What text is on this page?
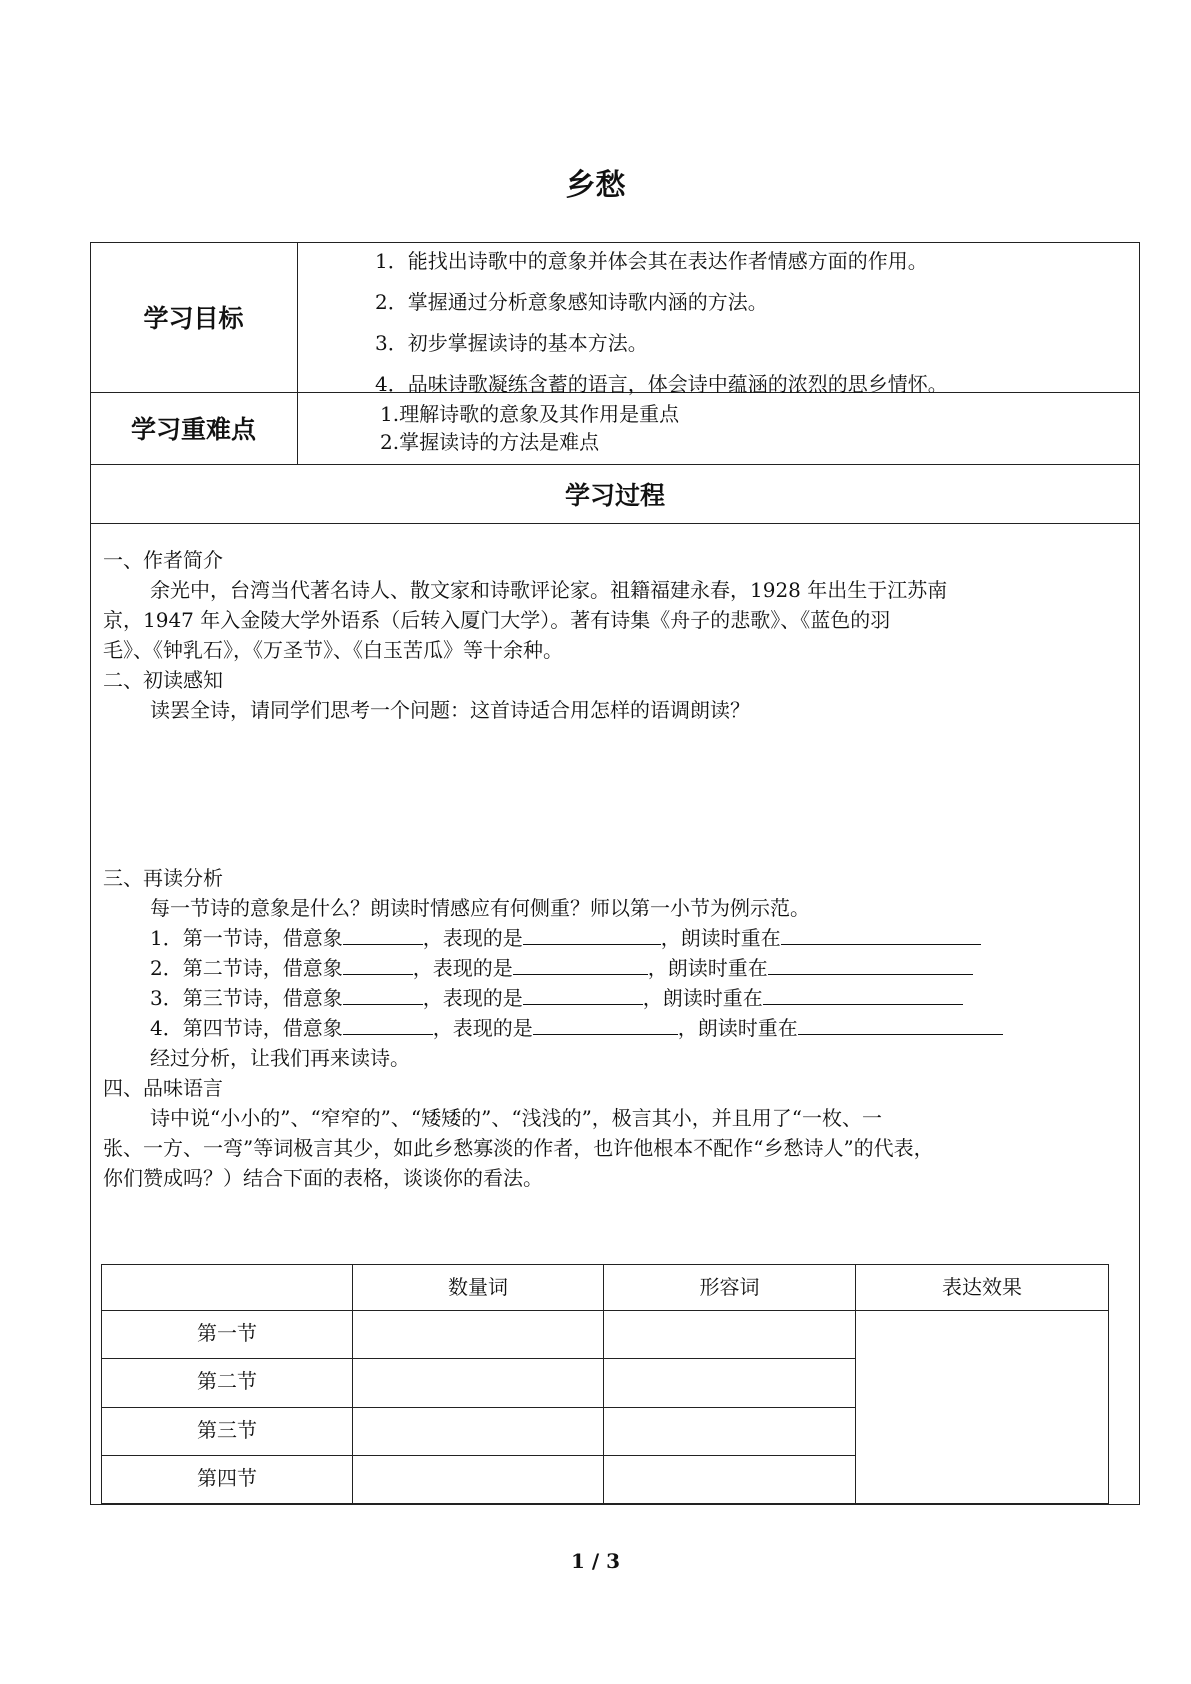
乡愁
学习目标
1．能找出诗歌中的意象并体会其在表达作者情感方面的作用。
2．掌握通过分析意象感知诗歌内涵的方法。
3．初步掌握读诗的基本方法。
4．品味诗歌凝练含蓄的语言，体会诗中蕴涵的浓烈的思乡情怀。
学习重难点
1.理解诗歌的意象及其作用是重点
2.掌握读诗的方法是难点
学习过程
一、作者简介
余光中，台湾当代著名诗人、散文家和诗歌评论家。祖籍福建永春，1928 年出生于江苏南
京，1947 年入金陵大学外语系（后转入厦门大学）。著有诗集《舟子的悲歌》、《蓝色的羽
毛》、《钟乳石》，《万圣节》、《白玉苦瓜》等十余种。
二、初读感知
读罢全诗，请同学们思考一个问题：这首诗适合用怎样的语调朗读？
三、再读分析
每一节诗的意象是什么？朗读时情感应有何侧重？师以第一小节为例示范。
1．第一节诗，借意象	，表现的是	，朗读时重在
2．第二节诗，借意象	，表现的是	，朗读时重在
3．第三节诗，借意象	，表现的是	，朗读时重在
4．第四节诗，借意象	，表现的是	，朗读时重在
经过分析，让我们再来读诗。
四、品味语言
诗中说“小小的”、“窄窄的”、“矮矮的”、“浅浅的”，极言其小，并且用了“一枚、一
张、一方、一弯”等词极言其少，如此乡愁寡淡的作者，也许他根本不配作“乡愁诗人”的代表，
你们赞成吗？）结合下面的表格，谈谈你的看法。
	数量词	形容词	表达效果
第一节			
第二节			
第三节			
第四节			
1 / 3
